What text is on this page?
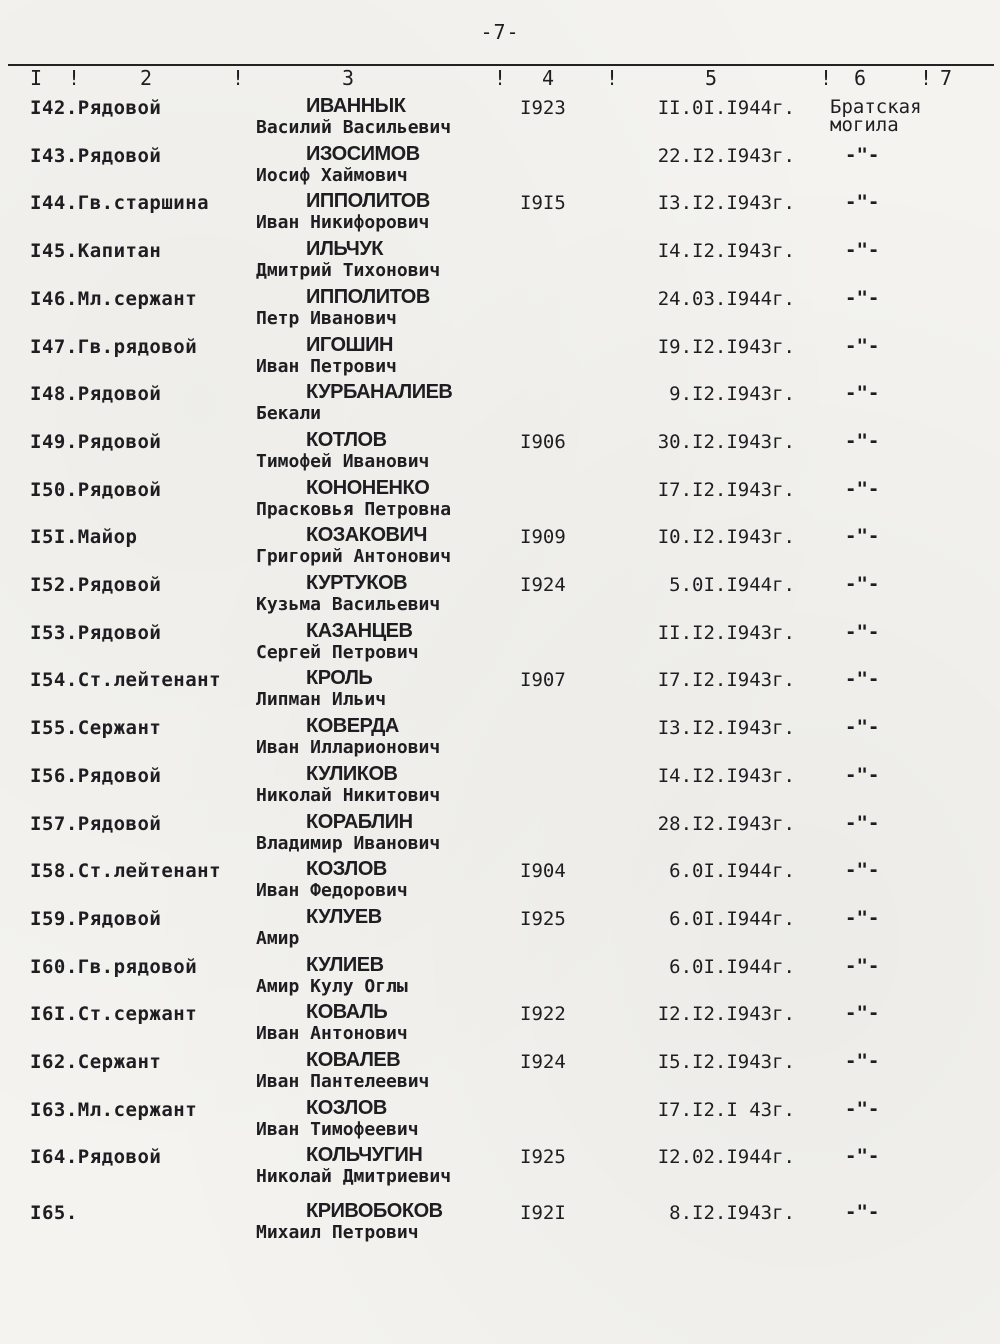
-7-
I !	2	!	3	! 4	!	5	! 6	! 7
I42.Рядовой	ИВАННЫК
Василий Васильевич
I923	II.0I.I944г. Братская
могила
I43.Рядовой	ИЗОСИМОВ
Иосиф Хаймович
22.I2.I943г.	-"-
I44.Гв.старшина	ИППОЛИТОВ
Иван Никифорович
I9I5	I3.I2.I943г.	-"-
I45.Капитан	ИЛЬЧУК
Дмитрий Тихонович
I4.I2.I943г.	-"-
I46.Мл.сержант	ИППОЛИТОВ
Петр Иванович
24.03.I944г.	-"-
I47.Гв.рядовой	ИГОШИН
Иван Петрович
I9.I2.I943г.	-"-
I48.Рядовой	КУРБАНАЛИЕВ
Бекали
9.I2.I943г.	-"-
I49.Рядовой	КОТЛОВ
Тимофей Иванович
I906	30.I2.I943г.	-"-
I50.Рядовой	КОНОНЕНКО
Прасковья Петровна
I7.I2.I943г.	-"-
I5I.Майор	КОЗАКОВИЧ
Григорий Антонович
I909	I0.I2.I943г.	-"-
I52.Рядовой	КУРТУКОВ
Кузьма Васильевич
I924	5.0I.I944г.	-"-
I53.Рядовой	КАЗАНЦЕВ
Сергей Петрович
II.I2.I943г.	-"-
I54.Ст.лейтенант	КРОЛЬ
Липман Ильич
I907	I7.I2.I943г.	-"-
I55.Сержант	КОВЕРДА
Иван Илларионович
I3.I2.I943г.	-"-
I56.Рядовой	КУЛИКОВ
Николай Никитович
I4.I2.I943г.	-"-
I57.Рядовой	КОРАБЛИН
Владимир Иванович
28.I2.I943г.	-"-
I58.Ст.лейтенант	КОЗЛОВ
Иван Федорович
I904	6.0I.I944г.	-"-
I59.Рядовой	КУЛУЕВ
Амир
I925	6.0I.I944г.	-"-
I60.Гв.рядовой	КУЛИЕВ
Амир Кулу Оглы
6.0I.I944г.	-"-
I6I.Ст.сержант	КОВАЛЬ
Иван Антонович
I922	I2.I2.I943г.	-"-
I62.Сержант	КОВАЛЕВ
Иван Пантелеевич
I924	I5.I2.I943г.	-"-
I63.Мл.сержант	КОЗЛОВ
Иван Тимофеевич
I7.I2.I 43г.	-"-
I64.Рядовой	КОЛЬЧУГИН
Николай Дмитриевич
I925	I2.02.I944г.	-"-
I65.	КРИВОБОКОВ
Михаил Петрович
I92I	8.I2.I943г.	-"-
